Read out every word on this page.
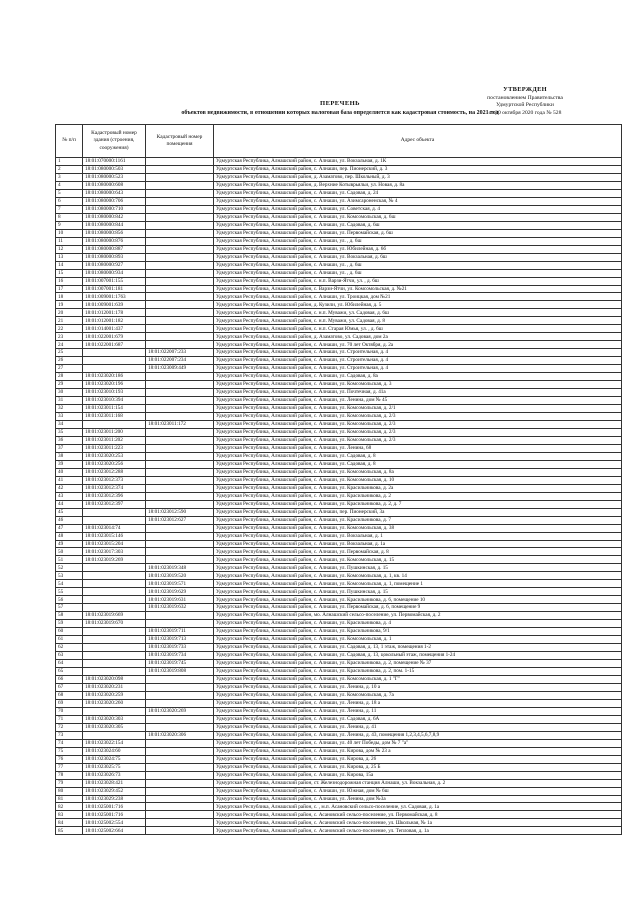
УТВЕРЖДЕН
постановлением Правительства
Удмуртской Республики
от 30 октября 2020 года № 528
ПЕРЕЧЕНЬ
объектов недвижимости, в отношении которых налоговая база определяется как кадастровая стоимость, на 2021 год
№ п/п	Кадастровый номер здания (строения, сооружения)	Кадастровый номер помещения	Адрес объекта
1	18:01:070000:1161		Удмуртская Республика, Алнашский район, с. Алнаши, ул. Вокзальная, д. 1К
2	18:01:080000:503		Удмуртская Республика, Алнашский район, с. Алнаши, пер. Пионерский, д. 3
3	18:01:080000:523		Удмуртская Республика, Алнашский район, д. Азаматово, пер. Школьный, д. 3
4	18:01:080000:608		Удмуртская Республика, Алнашский район, д. Верхние Котыврьяльи, ул. Новая, д. 8а
5	18:01:080000:643		Удмуртская Республика, Алнашский район, с. Алнаши, ул. Садовая, д. 24
6	18:01:080000:706		Удмуртская Республика, Алнашский район, с. Алнаши, ул. Азимсароненская, № 4
7	18:01:080000:710		Удмуртская Республика, Алнашский район, с. Алнаши, ул. Советская, д. 4
8	18:01:080000:842		Удмуртская Республика, Алнашский район, с. Алнаши, ул. Комсомольская, д. 6ш
9	18:01:080000:844		Удмуртская Республика, Алнашский район, с. Алнаши, ул. Садовая, д. 6ш
10	18:01:080000:856		Удмуртская Республика, Алнашский район, с. Алнаши, ул. Первомайская, д. 6ш
11	18:01:080000:876		Удмуртская Республика, Алнашский район, с. Алнаши, ул. , д. 6ш
12	18:01:080000:887		Удмуртская Республика, Алнашский район, с. Алнаши, ул. Юбилейная, д. 6б
13	18:01:080000:893		Удмуртская Республика, Алнашский район, с. Алнаши, ул. Вокзальная, д. 6ш
14	18:01:080000:927		Удмуртская Республика, Алнашский район, с. Алнаши, ул. , д. 6ш
15	18:01:080000:934		Удмуртская Республика, Алнашский район, с. Алнаши, ул. , д. 6ш
16	18:01:007001:155		Удмуртская Республика, Алнашский район, с. н.п. Варзи-Ятчи, ул. , д. 6ш
17	18:01:007001:181		Удмуртская Республика, Алнашский район, с. Варзи-Ятчи, ул. Комсомольская, д. №21
18	18:01:009001:1763		Удмуртская Республика, Алнашский район, с. Алнаши, ул. Троицкая, дом №21
19	18:01:009001:639		Удмуртская Республика, Алнашский район, д. Кузили, ул. Юбилейная, д. 5
20	18:01:012001:178		Удмуртская Республика, Алнашский район, с. н.п. Муважи, ул. Садовая, д. 6ш
21	18:01:012001:182		Удмуртская Республика, Алнашский район, с. н.п. Муважи, ул. Садовая, д. 8
22	18:01:014001:437		Удмуртская Республика, Алнашский район, с. н.п. Старая Юмья, ул. , д. 6ш
23	18:01:022001:679		Удмуртская Республика, Алнашский район, д. Азаматово, ул. Садовая, дом 2а
24	18:01:022001:687		Удмуртская Республика, Алнашский район, с. Алнаши, ул. 70 лет Октября, д. 2а
25		18:01:022007:233	Удмуртская Республика, Алнашский район, с. Алнаши, ул. Строительная, д. 4
26		18:01:022007:234	Удмуртская Республика, Алнашский район, с. Алнаши, ул. Строительная, д. 4
27		18:01:023009:449	Удмуртская Республика, Алнашский район, с. Алнаши, ул. Строительная, д. 4
28	18:01:023020:186		Удмуртская Республика, Алнашский район, с. Алнаши, ул. Садовая, д. 8а
29	18:01:023020:196		Удмуртская Республика, Алнашский район, с. Алнаши, ул. Комсомольская, д. 3
30	18:01:023010:193		Удмуртская Республика, Алнашский район, с. Алнаши, ул. Почтечная, д. 41а
31	18:01:023010:394		Удмуртская Республика, Алнашский район, с. Алнаши, ул. Ленина, дом № 45
32	18:01:023011:154		Удмуртская Республика, Алнашский район, с. Алнаши, ул. Комсомольская, д. 2/1
33	18:01:023011:168		Удмуртская Республика, Алнашский район, с. Алнаши, ул. Комсомольская, д. 2/3
34		18:01:023011:172	Удмуртская Республика, Алнашский район, с. Алнаши, ул. Комсомольская, д. 2/3
35	18:01:023011:200		Удмуртская Республика, Алнашский район, с. Алнаши, ул. Комсомольская, д. 2/3
36	18:01:023011:202		Удмуртская Республика, Алнашский район, с. Алнаши, ул. Комсомольская, д. 2/3
37	18:01:023011:223		Удмуртская Республика, Алнашский район, с. Алнаши, ул. Ленина, 68
38	18:01:023020:253		Удмуртская Республика, Алнашский район, с. Алнаши, ул. Садовая, д. 8
39	18:01:023020:256		Удмуртская Республика, Алнашский район, с. Алнаши, ул. Садовая, д. 8
40	18:01:023012:288		Удмуртская Республика, Алнашский район, с. Алнаши, ул. Комсомольская, д. 8а
41	18:01:023012:373		Удмуртская Республика, Алнашский район, с. Алнаши, ул. Комсомольская, д. 10
42	18:01:023012:374		Удмуртская Республика, Алнашский район, с. Алнаши, ул. Красильникова, д. 2а
43	18:01:023012:396		Удмуртская Республика, Алнашский район, с. Алнаши, ул. Красильникова, д. 2
44	18:01:023012:397		Удмуртская Республика, Алнашский район, с. Алнаши, ул. Красильникова, д. 2, д. 7
45		18:01:023012:590	Удмуртская Республика, Алнашский район, с. Алнаши, пер. Пионерский, 3а
46		18:01:023012:627	Удмуртская Республика, Алнашский район, с. Алнаши, ул. Красильникова, д. 7
47	18:01:023014:74		Удмуртская Республика, Алнашский район, с. Алнаши, ул. Комсомольская, д. 38
48	18:01:023015:146		Удмуртская Республика, Алнашский район, с. Алнаши, ул. Вокзальная, д. 1
49	18:01:023015:204		Удмуртская Республика, Алнашский район, с. Алнаши, ул. Вокзальная, д. 1а
50	18:01:023017:303		Удмуртская Республика, Алнашский район, с. Алнаши, ул. Первомайская, д. 8
51	18:01:023019:269		Удмуртская Республика, Алнашский район, с. Алнаши, ул. Комсомольская, д. 15
52		18:01:023019:348	Удмуртская Республика, Алнашский район, с. Алнаши, ул. Пушкинская, д. 15
53		18:01:023019:520	Удмуртская Республика, Алнашский район, с. Алнаши, ул. Комсомольская, д. 1, кв. 14
54		18:01:023019:571	Удмуртская Республика, Алнашский район, с. Алнаши, ул. Комсомольская, д. 1, помещение 1
55		18:01:023019:629	Удмуртская Республика, Алнашский район, с. Алнаши, ул. Пушкинская, д. 15
56		18:01:023019:631	Удмуртская Республика, Алнашский район, с. Алнаши, ул. Красильникова, д. 6, помещение 10
57		18:01:023019:632	Удмуртская Республика, Алнашский район, с. Алнаши, ул. Первомайская, д. 6, помещение 9
58	18:01:023019:669		Удмуртская Республика, Алнашский район, мо. Алнашский сельсо-поселение, ул. Первомайская, д. 2
59	18:01:023019:670		Удмуртская Республика, Алнашский район, с. Алнаши, ул. Красильникова, д. 4
60		18:01:023019:711	Удмуртская Республика, Алнашский район, с. Алнаши, ул. Красильникова, 9/1
61		18:01:023019:713	Удмуртская Республика, Алнашский район, с. Алнаши, ул. Комсомольская, д. 1
62		18:01:023019:733	Удмуртская Республика, Алнашский район, с. Алнаши, ул. Садовая, д. 13, 1 этаж, помещения 1-2
63		18:01:023019:734	Удмуртская Республика, Алнашский район, с. Алнаши, ул. Садовая, д. 13, цокольный этаж, помещения 1-24
64		18:01:023019:745	Удмуртская Республика, Алнашский район, с. Алнаши, ул. Красильникова, д. 2, помещение № 37
65		18:01:023019:808	Удмуртская Республика, Алнашский район, с. Алнаши, ул. Красильникова, д. 2, пом. 1-15
66	18:01:023020:098		Удмуртская Республика, Алнашский район, с. Алнаши, ул. Комсомольская, д. 1 "Г"
67	18:01:023020:231		Удмуртская Республика, Алнашский район, с. Алнаши, ул. Ленина, д. 10 а
68	18:01:023020:259		Удмуртская Республика, Алнашский район, с. Алнаши, ул. Комсомольская, д. 7а
69	18:01:023020:260		Удмуртская Республика, Алнашский район, с. Алнаши, ул. Ленина, д. 18 а
70		18:01:023020:269	Удмуртская Республика, Алнашский район, с. Алнаши, ул. Ленина, д. 11
71	18:01:023020:303		Удмуртская Республика, Алнашский район, с. Алнаши, ул. Садовая, д. 6А
72	18:01:023020:305		Удмуртская Республика, Алнашский район, с. Алнаши, ул. Ленина, д. 41
73		18:01:023020:306	Удмуртская Республика, Алнашский район, с. Алнаши, ул. Ленина, д. 43, помещения 1,2,3,4,5,6,7,8,9
74	18:01:023022:154		Удмуртская Республика, Алнашский район, с. Алнаши, ул. 40 лет Победы, дом № 7 "а"
75	18:01:023024:60		Удмуртская Республика, Алнашский район, с. Алнаши, ул. Кирова, дом № 23 а
76	18:01:023024:75		Удмуртская Республика, Алнашский район, с. Алнаши, ул. Кирова, д. 26
77	18:01:023025:75		Удмуртская Республика, Алнашский район, с. Алнаши, ул. Кирова, д. 25 Б
78	18:01:023026:73		Удмуртская Республика, Алнашский район, с. Алнаши, ул. Кирова, 15а
79	18:01:023028:421		Удмуртская Республика, Алнашский район, ст. Железнодорожная станция Алнаши, ул. Вокзальная, д. 2
80	18:01:023029:452		Удмуртская Республика, Алнашский район, с. Алнаши, ул. Южная, дом № 6ш
81	18:01:023029:238		Удмуртская Республика, Алнашский район, с. Алнаши, ул. Ленина, дом №3а
82	18:01:025001:716		Удмуртская Республика, Алнашский район, с. , м.п. Асановский сельсо-поселение, ул. Садовая, д. 1а
83	18:01:025001:716		Удмуртская Республика, Алнашский район, с. Асановский сельсо-поселение, ул. Первомайская, д. 8
84	18:01:025002:554		Удмуртская Республика, Алнашский район, с. Асановский сельсо-поселение, ул. Школьная, № 1а
85	18:01:025002:664		Удмуртская Республика, Алнашский район, с. Асановский сельсо-поселение, ул. Тепловая, д. 1а
